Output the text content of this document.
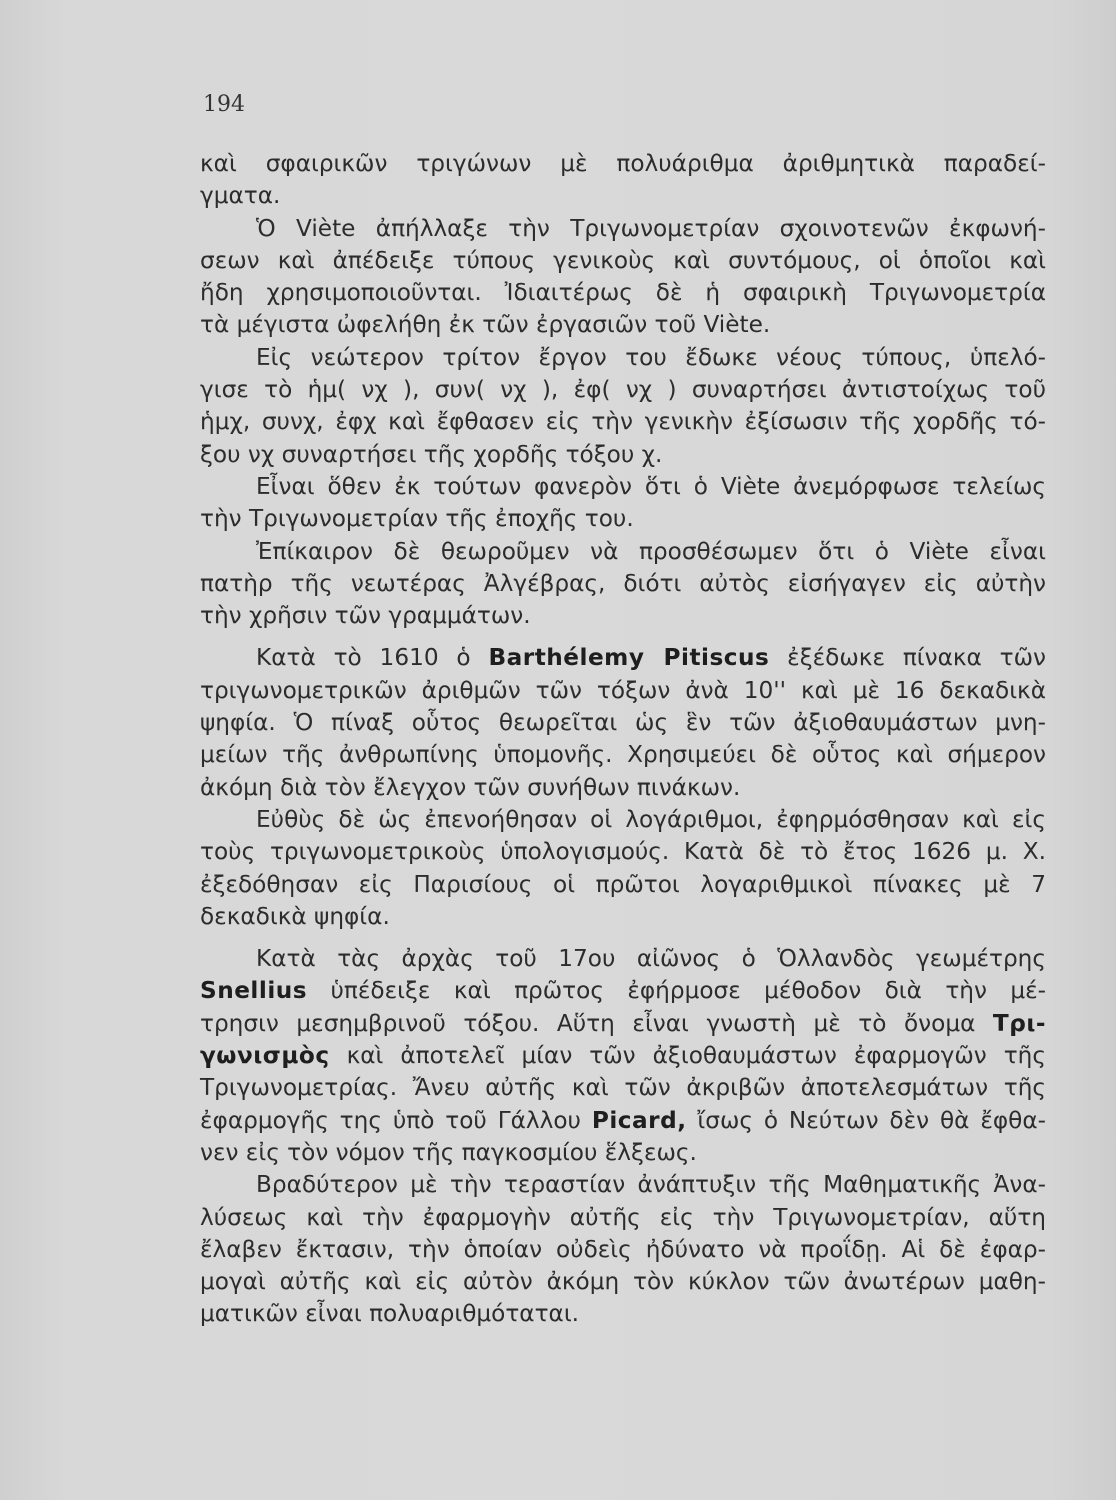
194
καὶ σφαιρικῶν τριγώνων μὲ πολυάριθμα ἀριθμητικὰ παραδεί-
γματα.
Ὁ Viète ἀπήλλαξε τὴν Τριγωνομετρίαν σχοινοτενῶν ἐκφωνή-
σεων καὶ ἀπέδειξε τύπους γενικοὺς καὶ συντόμους, οἱ ὁποῖοι καὶ
ἤδη χρησιμοποιοῦνται. Ἰδιαιτέρως δὲ ἡ σφαιρικὴ Τριγωνομετρία
τὰ μέγιστα ὠφελήθη ἐκ τῶν ἐργασιῶν τοῦ Viète.
Εἰς νεώτερον τρίτον ἔργον του ἔδωκε νέους τύπους, ὑπελό-
γισε τὸ ἡμ( νχ ), συν( νχ ), ἐφ( νχ ) συναρτήσει ἀντιστοίχως τοῦ
ἡμχ, συνχ, ἐφχ καὶ ἔφθασεν εἰς τὴν γενικὴν ἐξίσωσιν τῆς χορδῆς τό-
ξου νχ συναρτήσει τῆς χορδῆς τόξου χ.
Εἶναι ὅθεν ἐκ τούτων φανερὸν ὅτι ὁ Viète ἀνεμόρφωσε τελείως
τὴν Τριγωνομετρίαν τῆς ἐποχῆς του.
Ἐπίκαιρον δὲ θεωροῦμεν νὰ προσθέσωμεν ὅτι ὁ Viète εἶναι
πατὴρ τῆς νεωτέρας Ἀλγέβρας, διότι αὐτὸς εἰσήγαγεν εἰς αὐτὴν
τὴν χρῆσιν τῶν γραμμάτων.
Κατὰ τὸ 1610 ὁ Barthélemy Pitiscus ἐξέδωκε πίνακα τῶν
τριγωνομετρικῶν ἀριθμῶν τῶν τόξων ἀνὰ 10'' καὶ μὲ 16 δεκαδικὰ
ψηφία. Ὁ πίναξ οὗτος θεωρεῖται ὡς ἓν τῶν ἀξιοθαυμάστων μνη-
μείων τῆς ἀνθρωπίνης ὑπομονῆς. Χρησιμεύει δὲ οὗτος καὶ σήμερον
ἀκόμη διὰ τὸν ἔλεγχον τῶν συνήθων πινάκων.
Εὐθὺς δὲ ὡς ἐπενοήθησαν οἱ λογάριθμοι, ἐφηρμόσθησαν καὶ εἰς
τοὺς τριγωνομετρικοὺς ὑπολογισμούς. Κατὰ δὲ τὸ ἔτος 1626 μ. Χ.
ἐξεδόθησαν εἰς Παρισίους οἱ πρῶτοι λογαριθμικοὶ πίνακες μὲ 7
δεκαδικὰ ψηφία.
Κατὰ τὰς ἀρχὰς τοῦ 17ου αἰῶνος ὁ Ὁλλανδὸς γεωμέτρης
Snellius ὑπέδειξε καὶ πρῶτος ἐφήρμοσε μέθοδον διὰ τὴν μέ-
τρησιν μεσημβρινοῦ τόξου. Αὕτη εἶναι γνωστὴ μὲ τὸ ὄνομα Τρι-
γωνισμὸς καὶ ἀποτελεῖ μίαν τῶν ἀξιοθαυμάστων ἐφαρμογῶν τῆς
Τριγωνομετρίας. Ἄνευ αὐτῆς καὶ τῶν ἀκριβῶν ἀποτελεσμάτων τῆς
ἐφαρμογῆς της ὑπὸ τοῦ Γάλλου Picard, ἴσως ὁ Νεύτων δὲν θὰ ἔφθα-
νεν εἰς τὸν νόμον τῆς παγκοσμίου ἕλξεως.
Βραδύτερον μὲ τὴν τεραστίαν ἀνάπτυξιν τῆς Μαθηματικῆς Ἀνα-
λύσεως καὶ τὴν ἐφαρμογὴν αὐτῆς εἰς τὴν Τριγωνομετρίαν, αὕτη
ἔλαβεν ἔκτασιν, τὴν ὁποίαν οὐδεὶς ἠδύνατο νὰ προΐδῃ. Αἱ δὲ ἐφαρ-
μογαὶ αὐτῆς καὶ εἰς αὐτὸν ἀκόμη τὸν κύκλον τῶν ἀνωτέρων μαθη-
ματικῶν εἶναι πολυαριθμόταται.
